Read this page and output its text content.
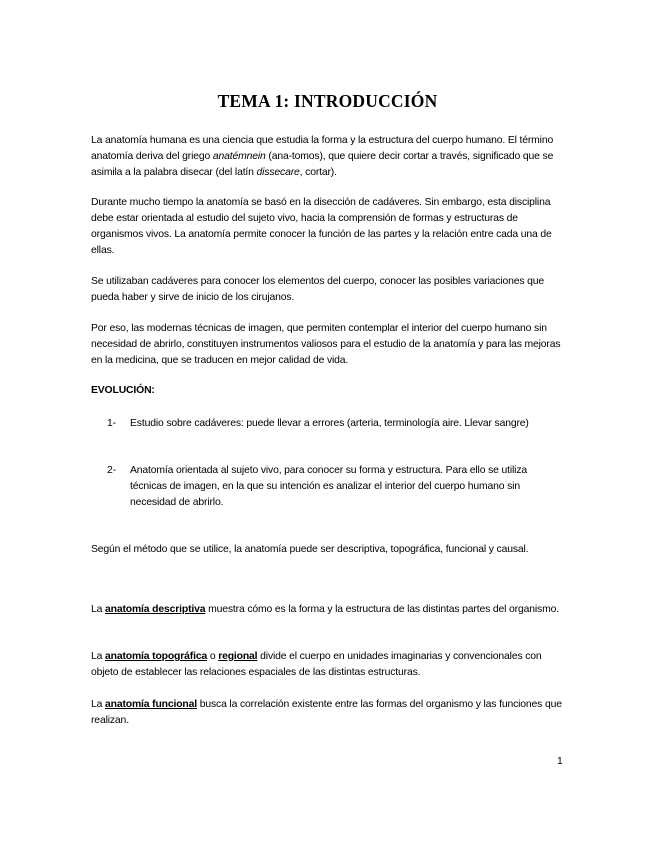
TEMA 1: INTRODUCCIÓN
La anatomía humana es una ciencia que estudia la forma y la estructura del cuerpo humano. El término anatomía deriva del griego anatémnein (ana-tomos), que quiere decir cortar a través, significado que se asimila a la palabra disecar (del latín dissecare, cortar).
Durante mucho tiempo la anatomía se basó en la disección de cadáveres. Sin embargo, esta disciplina debe estar orientada al estudio del sujeto vivo, hacia la comprensión de formas y estructuras de organismos vivos. La anatomía permite conocer la función de las partes y la relación entre cada una de ellas.
Se utilizaban cadáveres para conocer los elementos del cuerpo, conocer las posibles variaciones que pueda haber y sirve de inicio de los cirujanos.
Por eso, las modernas técnicas de imagen, que permiten contemplar el interior del cuerpo humano sin necesidad de abrirlo, constituyen instrumentos valiosos para el estudio de la anatomía y para las mejoras en la medicina, que se traducen en mejor calidad de vida.
EVOLUCIÓN:
1- Estudio sobre cadáveres: puede llevar a errores (arteria, terminología aire. Llevar sangre)
2- Anatomía orientada al sujeto vivo, para conocer su forma y estructura. Para ello se utiliza técnicas de imagen, en la que su intención es analizar el interior del cuerpo humano sin necesidad de abrirlo.
Según el método que se utilice, la anatomía puede ser descriptiva, topográfica, funcional y causal.
La anatomía descriptiva muestra cómo es la forma y la estructura de las distintas partes del organismo.
La anatomía topográfica o regional divide el cuerpo en unidades imaginarias y convencionales con objeto de establecer las relaciones espaciales de las distintas estructuras.
La anatomía funcional busca la correlación existente entre las formas del organismo y las funciones que realizan.
1
